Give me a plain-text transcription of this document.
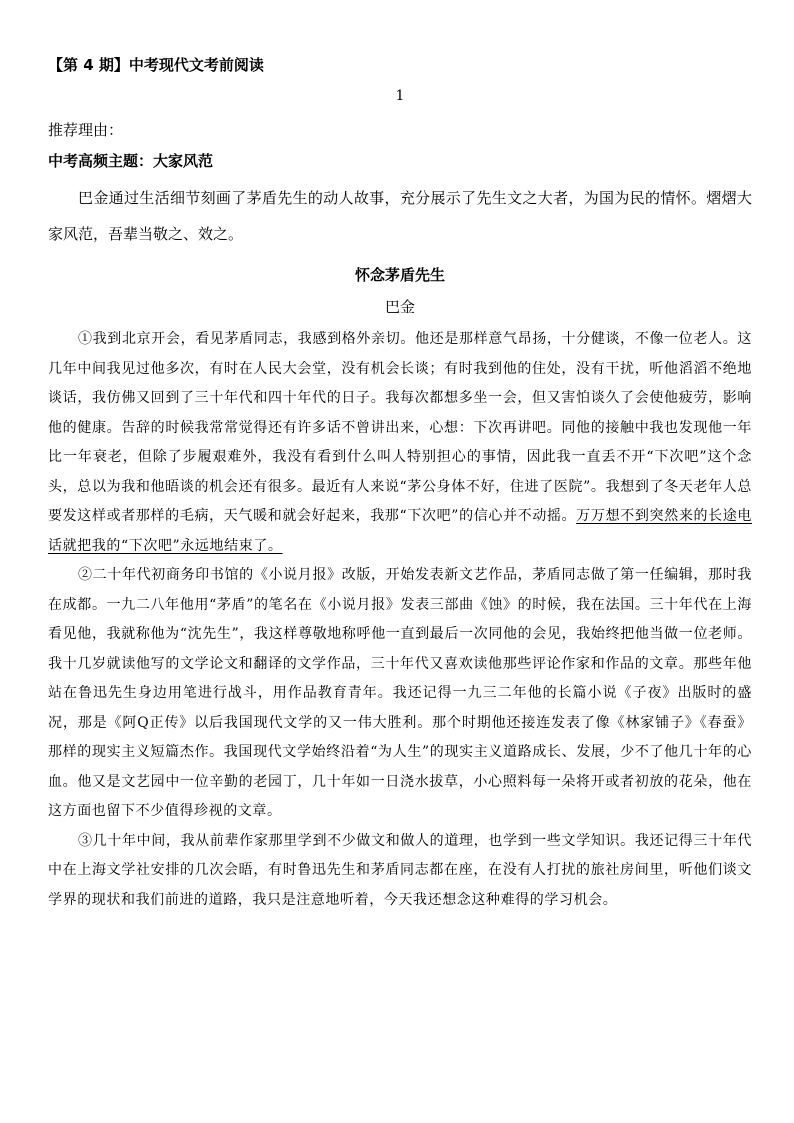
【第 4 期】中考现代文考前阅读
1
推荐理由：
中考高频主题：大家风范

巴金通过生活细节刻画了茅盾先生的动人故事，充分展示了先生文之大者，为国为民的情怀。熠熠大家风范，吾辈当敬之、效之。

怀念茅盾先生
巴金

①我到北京开会，看见茅盾同志，我感到格外亲切。他还是那样意气昂扬，十分健谈，不像一位老人。这几年中间我见过他多次，有时在人民大会堂，没有机会长谈；有时我到他的住处，没有干扰，听他滔滔不绝地谈话，我仿佛又回到了三十年代和四十年代的日子。我每次都想多坐一会，但又害怕谈久了会使他疲劳，影响他的健康。告辞的时候我常常觉得还有许多话不曾讲出来，心想：下次再讲吧。同他的接触中我也发现他一年比一年衰老，但除了步履艰难外，我没有看到什么叫人特别担心的事情，因此我一直丢不开“下次吧”这个念头，总以为我和他晤谈的机会还有很多。最近有人来说“茅公身体不好，住进了医院”。我想到了冬天老年人总要发这样或者那样的毛病，天气暖和就会好起来，我那“下次吧”的信心并不动摇。万万想不到突然来的长途电话就把我的“下次吧”永远地结束了。

②二十年代初商务印书馆的《小说月报》改版，开始发表新文艺作品，茅盾同志做了第一任编辑，那时我在成都。一九二八年他用“茅盾”的笔名在《小说月报》发表三部曲《蚀》的时候，我在法国。三十年代在上海看见他，我就称他为“沈先生”，我这样尊敬地称呼他一直到最后一次同他的会见，我始终把他当做一位老师。我十几岁就读他写的文学论文和翻译的文学作品，三十年代又喜欢读他那些评论作家和作品的文章。那些年他站在鲁迅先生身边用笔进行战斗，用作品教育青年。我还记得一九三二年他的长篇小说《子夜》出版时的盛况，那是《阿Q正传》以后我国现代文学的又一伟大胜利。那个时期他还接连发表了像《林家铺子》《春蚕》那样的现实主义短篇杰作。我国现代文学始终沿着“为人生”的现实主义道路成长、发展，少不了他几十年的心血。他又是文艺园中一位辛勤的老园丁，几十年如一日浇水拔草，小心照料每一朵将开或者初放的花朵，他在这方面也留下不少值得珍视的文章。

③几十年中间，我从前辈作家那里学到不少做文和做人的道理，也学到一些文学知识。我还记得三十年代中在上海文学社安排的几次会晤，有时鲁迅先生和茅盾同志都在座，在没有人打扰的旅社房间里，听他们谈文学界的现状和我们前进的道路，我只是注意地听着，今天我还想念这种难得的学习机会。
